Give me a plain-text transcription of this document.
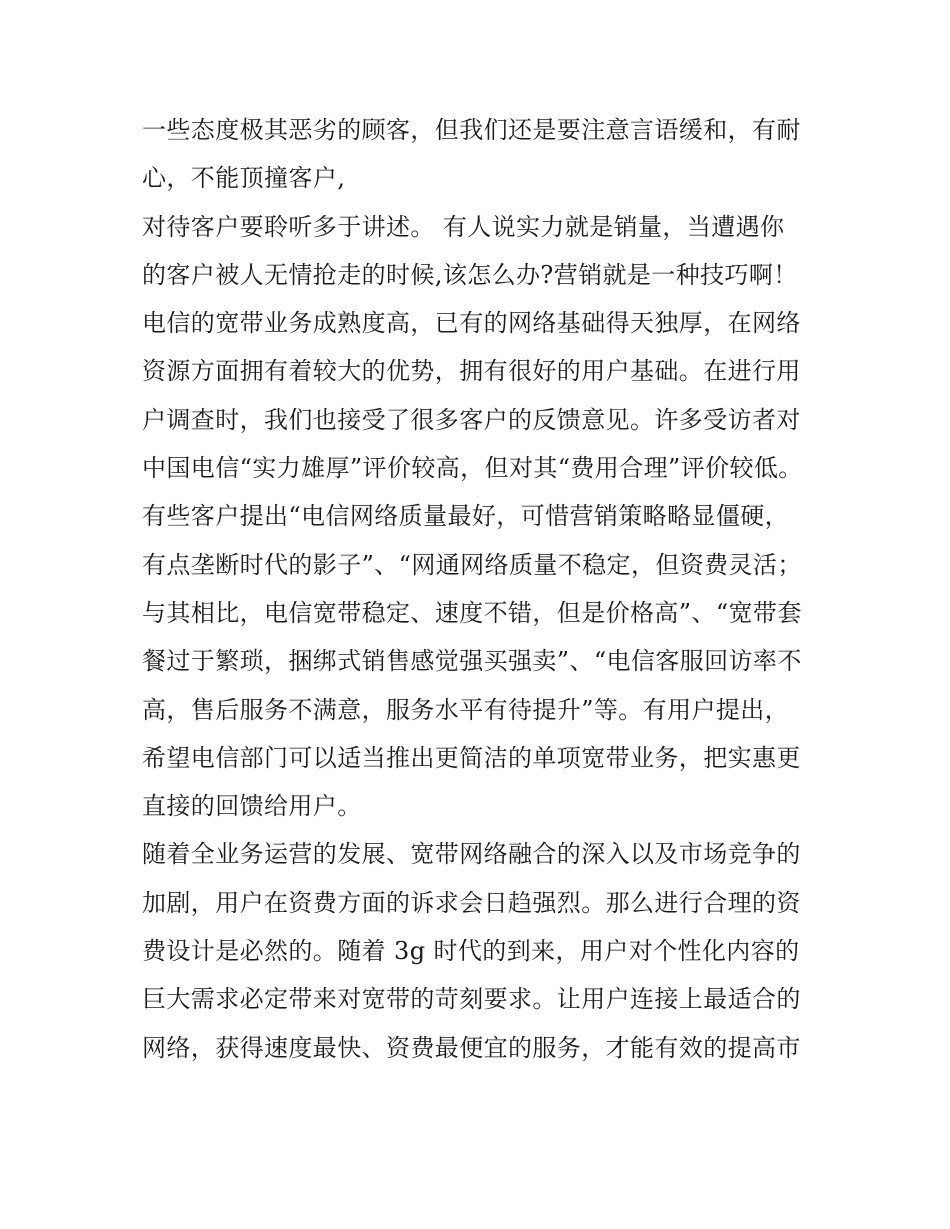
一些态度极其恶劣的顾客，但我们还是要注意言语缓和，有耐
心，不能顶撞客户,
对待客户要聆听多于讲述。 有人说实力就是销量，当遭遇你
的客户被人无情抢走的时候,该怎么办?营销就是一种技巧啊！
电信的宽带业务成熟度高，已有的网络基础得天独厚，在网络
资源方面拥有着较大的优势，拥有很好的用户基础。在进行用
户调查时，我们也接受了很多客户的反馈意见。许多受访者对
中国电信“实力雄厚”评价较高，但对其“费用合理”评价较低。
有些客户提出“电信网络质量最好，可惜营销策略略显僵硬，
有点垄断时代的影子”、“网通网络质量不稳定，但资费灵活；
与其相比，电信宽带稳定、速度不错，但是价格高”、“宽带套
餐过于繁琐，捆绑式销售感觉强买强卖”、“电信客服回访率不
高，售后服务不满意，服务水平有待提升”等。有用户提出，
希望电信部门可以适当推出更简洁的单项宽带业务，把实惠更
直接的回馈给用户。
随着全业务运营的发展、宽带网络融合的深入以及市场竞争的
加剧，用户在资费方面的诉求会日趋强烈。那么进行合理的资
费设计是必然的。随着 3g 时代的到来，用户对个性化内容的
巨大需求必定带来对宽带的苛刻要求。让用户连接上最适合的
网络，获得速度最快、资费最便宜的服务，才能有效的提高市
